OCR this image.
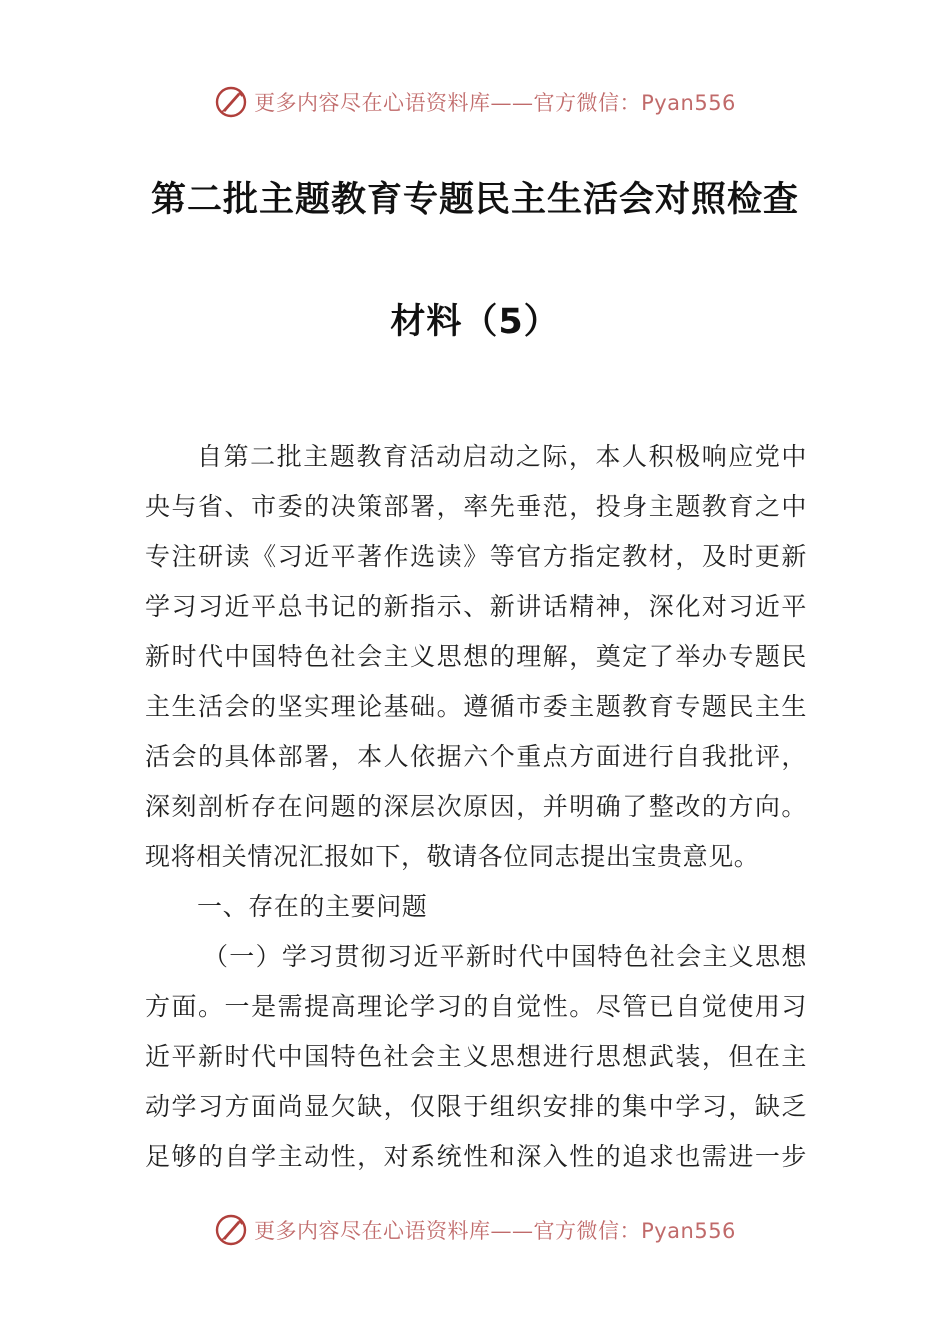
更多内容尽在心语资料库——官方微信：Pyan556
第二批主题教育专题民主生活会对照检查
材料（5）
自第二批主题教育活动启动之际，本人积极响应党中
央与省、市委的决策部署，率先垂范，投身主题教育之中
专注研读《习近平著作选读》等官方指定教材，及时更新
学习习近平总书记的新指示、新讲话精神，深化对习近平
新时代中国特色社会主义思想的理解，奠定了举办专题民
主生活会的坚实理论基础。遵循市委主题教育专题民主生
活会的具体部署，本人依据六个重点方面进行自我批评，
深刻剖析存在问题的深层次原因，并明确了整改的方向。
现将相关情况汇报如下，敬请各位同志提出宝贵意见。
一、存在的主要问题
（一）学习贯彻习近平新时代中国特色社会主义思想
方面。一是需提高理论学习的自觉性。尽管已自觉使用习
近平新时代中国特色社会主义思想进行思想武装，但在主
动学习方面尚显欠缺，仅限于组织安排的集中学习，缺乏
足够的自学主动性，对系统性和深入性的追求也需进一步
更多内容尽在心语资料库——官方微信：Pyan556
